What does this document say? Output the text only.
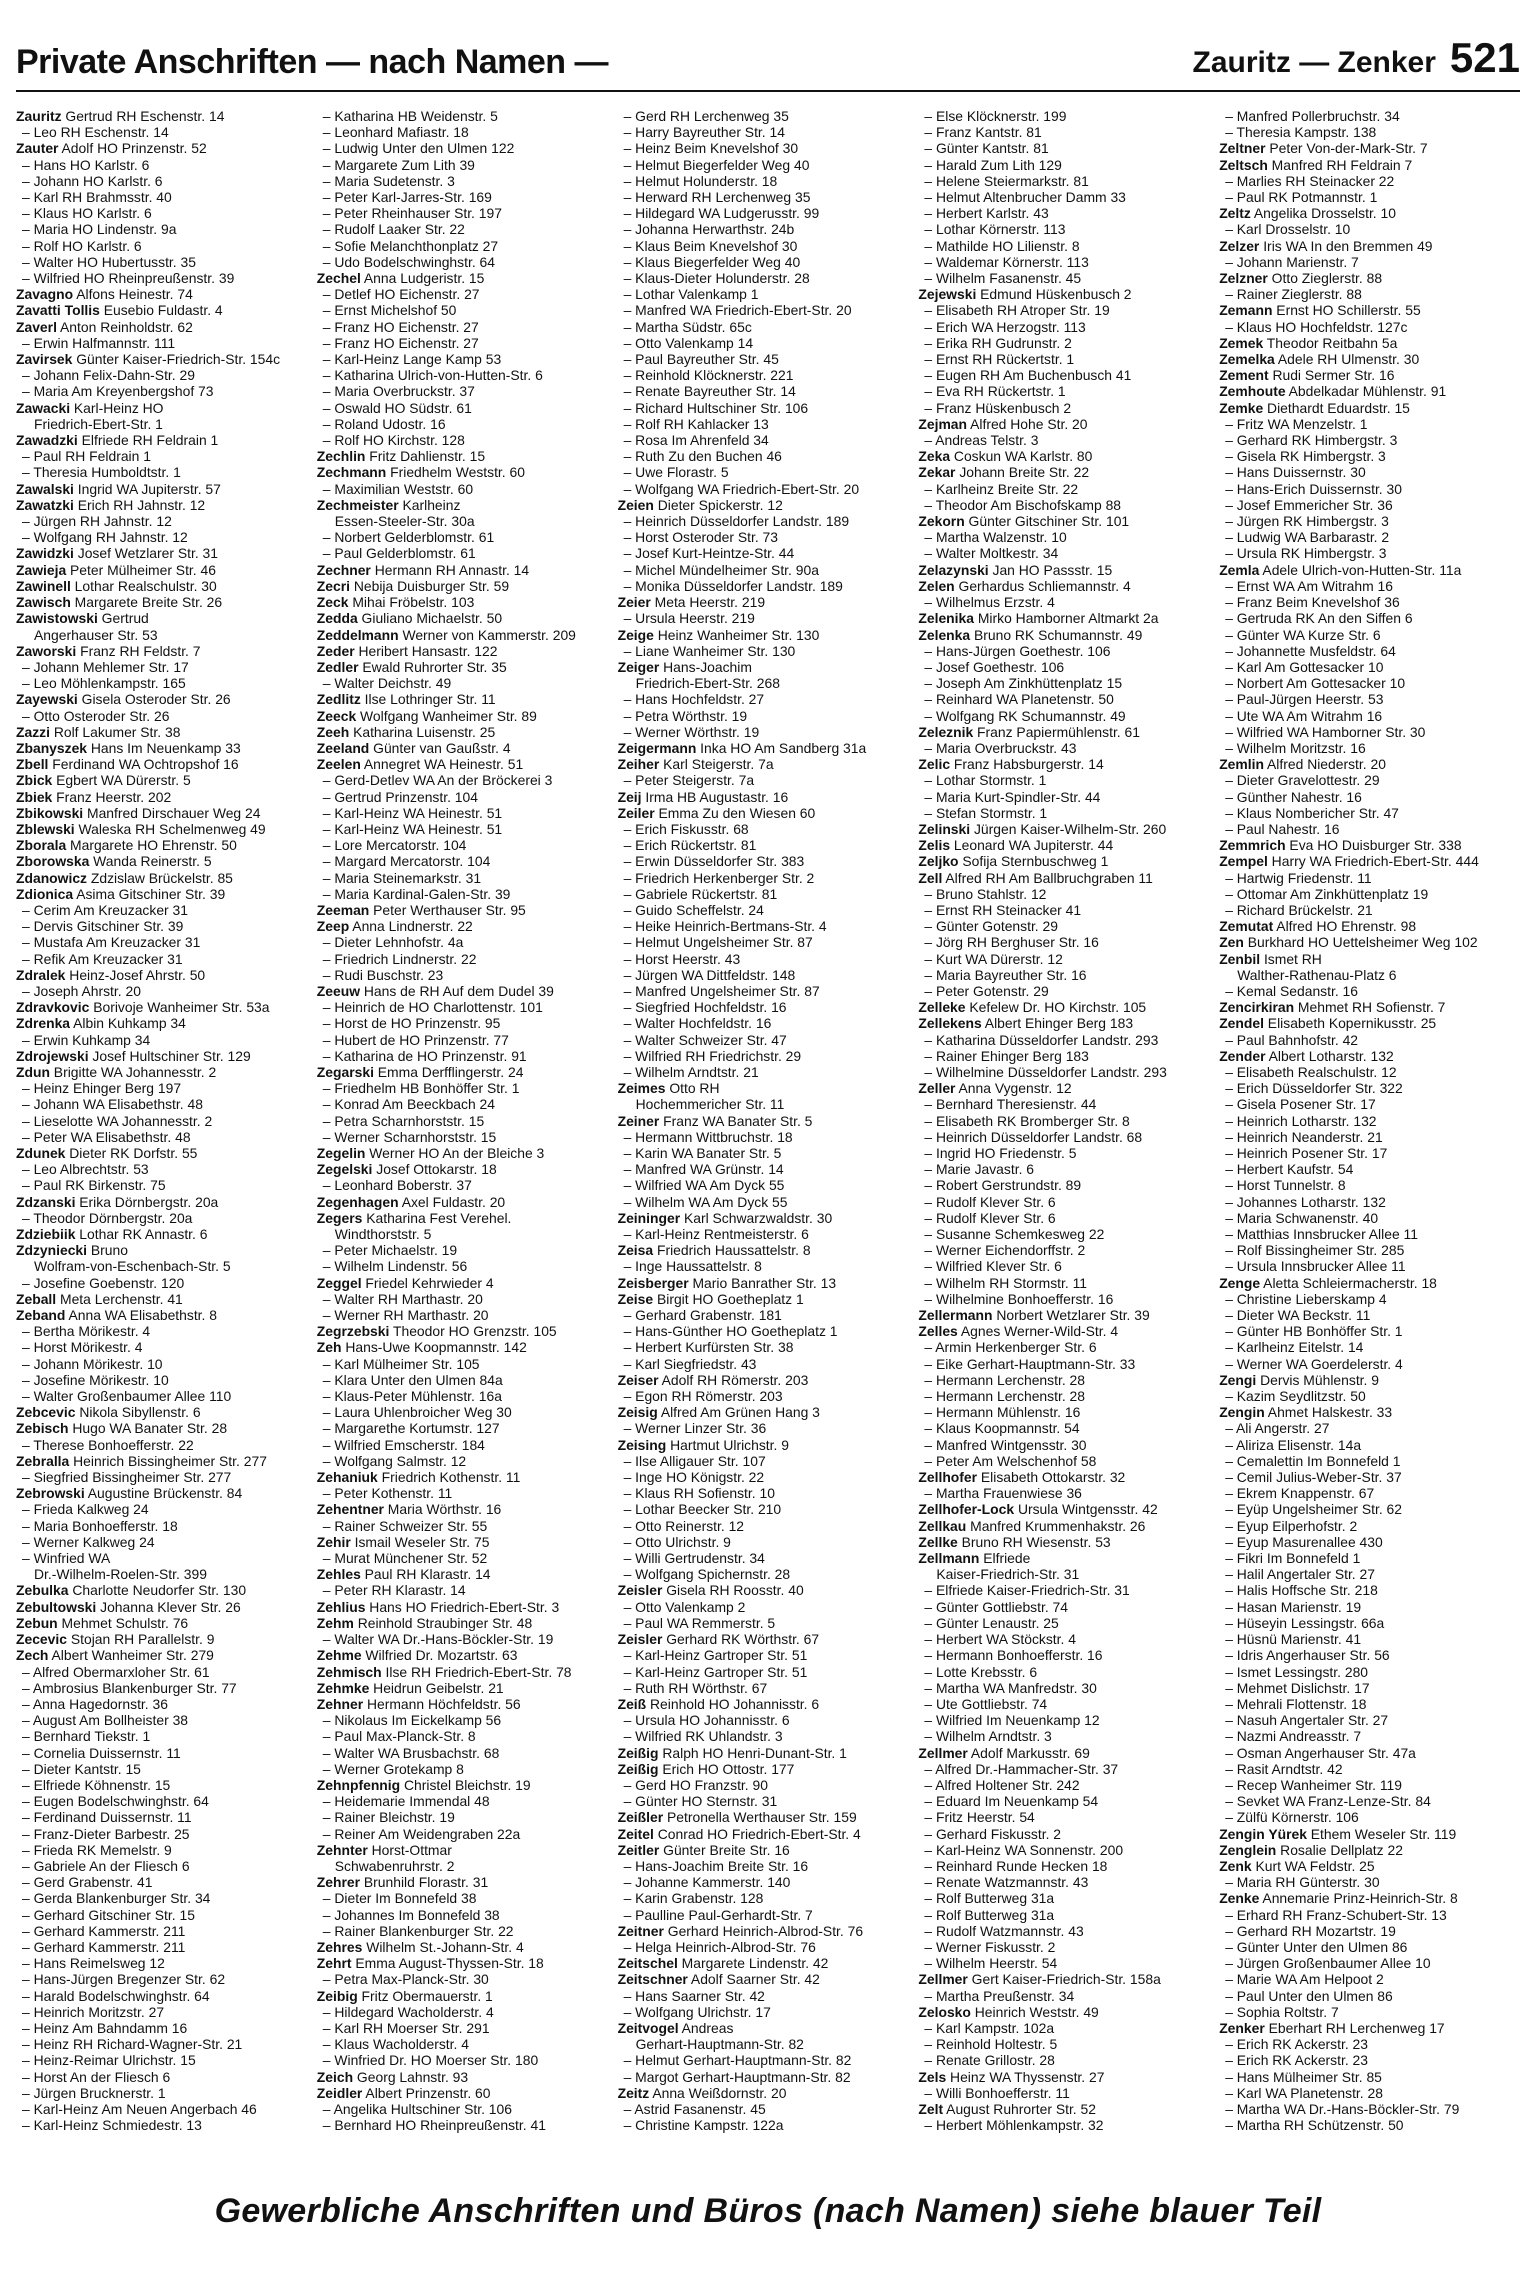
Private Anschriften — nach Namen —	Zauritz — Zenker 521
Zauritz Gertrud RH Eschenstr. 14
– Leo RH Eschenstr. 14
Zauter Adolf HO Prinzenstr. 52
– Hans HO Karlstr. 6
– Johann HO Karlstr. 6
– Karl RH Brahmsstr. 40
– Klaus HO Karlstr. 6
– Maria HO Lindenstr. 9a
– Rolf HO Karlstr. 6
– Walter HO Hubertusstr. 35
– Wilfried HO Rheinpreußenstr. 39
Zavagno Alfons Heinestr. 74
Zavatti Tollis Eusebio Fuldastr. 4
Zaverl Anton Reinholdstr. 62
– Erwin Halfmannstr. 111
Zavirsek Günter Kaiser-Friedrich-Str. 154c
– Johann Felix-Dahn-Str. 29
– Maria Am Kreyenbergshof 73
Zawacki Karl-Heinz HO
Friedrich-Ebert-Str. 1
Zawadzki Elfriede RH Feldrain 1
– Paul RH Feldrain 1
– Theresia Humboldtstr. 1
Zawalski Ingrid WA Jupiterstr. 57
Zawatzki Erich RH Jahnstr. 12
– Jürgen RH Jahnstr. 12
– Wolfgang RH Jahnstr. 12
Zawidzki Josef Wetzlarer Str. 31
Zawieja Peter Mülheimer Str. 46
Zawinell Lothar Realschulstr. 30
Zawisch Margarete Breite Str. 26
Zawistowski Gertrud
Angerhauser Str. 53
Zaworski Franz RH Feldstr. 7
– Johann Mehlemer Str. 17
– Leo Möhlenkampstr. 165
Zayewski Gisela Osteroder Str. 26
– Otto Osteroder Str. 26
Zazzi Rolf Lakumer Str. 38
Zbanyszek Hans Im Neuenkamp 33
Zbell Ferdinand WA Ochtropshof 16
Zbick Egbert WA Dürerstr. 5
Zbiek Franz Heerstr. 202
Zbikowski Manfred Dirschauer Weg 24
Zblewski Waleska RH Schelmenweg 49
Zborala Margarete HO Ehrenstr. 50
Zborowska Wanda Reinerstr. 5
Zdanowicz Zdzislaw Brückelstr. 85
Zdionica Asima Gitschiner Str. 39
– Cerim Am Kreuzacker 31
– Dervis Gitschiner Str. 39
– Mustafa Am Kreuzacker 31
– Refik Am Kreuzacker 31
Zdralek Heinz-Josef Ahrstr. 50
– Joseph Ahrstr. 20
Zdravkovic Borivoje Wanheimer Str. 53a
Zdrenka Albin Kuhkamp 34
– Erwin Kuhkamp 34
Zdrojewski Josef Hultschiner Str. 129
Zdun Brigitte WA Johannesstr. 2
– Heinz Ehinger Berg 197
– Johann WA Elisabethstr. 48
– Lieselotte WA Johannesstr. 2
– Peter WA Elisabethstr. 48
Zdunek Dieter RK Dorfstr. 55
– Leo Albrechtstr. 53
– Paul RK Birkenstr. 75
Zdzanski Erika Dörnbergstr. 20a
– Theodor Dörnbergstr. 20a
Zdziebiik Lothar RK Annastr. 6
Zdzyniecki Bruno
Wolfram-von-Eschenbach-Str. 5
– Josefine Goebenstr. 120
Zeball Meta Lerchenstr. 41
Zeband Anna WA Elisabethstr. 8
– Bertha Mörikestr. 4
– Horst Mörikestr. 4
– Johann Mörikestr. 10
– Josefine Mörikestr. 10
– Walter Großenbaumer Allee 110
Zebcevic Nikola Sibyllenstr. 6
Zebisch Hugo WA Banater Str. 28
– Therese Bonhoefferstr. 22
Zebralla Heinrich Bissingheimer Str. 277
– Siegfried Bissingheimer Str. 277
Zebrowski Augustine Brückenstr. 84
– Frieda Kalkweg 24
– Maria Bonhoefferstr. 18
– Werner Kalkweg 24
– Winfried WA
Dr.-Wilhelm-Roelen-Str. 399
Zebulka Charlotte Neudorfer Str. 130
Zebultowski Johanna Klever Str. 26
Zebun Mehmet Schulstr. 76
Zecevic Stojan RH Parallelstr. 9
Zech Albert Wanheimer Str. 279
– Alfred Obermarxloher Str. 61
– Ambrosius Blankenburger Str. 77
– Anna Hagedornstr. 36
– August Am Bollheister 38
– Bernhard Tiekstr. 1
– Cornelia Duissernstr. 11
– Dieter Kantstr. 15
– Elfriede Köhnenstr. 15
– Eugen Bodelschwinghstr. 64
– Ferdinand Duissernstr. 11
– Franz-Dieter Barbestr. 25
– Frieda RK Memelstr. 9
– Gabriele An der Fliesch 6
– Gerd Grabenstr. 41
– Gerda Blankenburger Str. 34
– Gerhard Gitschiner Str. 15
– Gerhard Kammerstr. 211
– Gerhard Kammerstr. 211
– Hans Reimelsweg 12
– Hans-Jürgen Bregenzer Str. 62
– Harald Bodelschwinghstr. 64
– Heinrich Moritzstr. 27
– Heinz Am Bahndamm 16
– Heinz RH Richard-Wagner-Str. 21
– Heinz-Reimar Ulrichstr. 15
– Horst An der Fliesch 6
– Jürgen Brucknerstr. 1
– Karl-Heinz Am Neuen Angerbach 46
– Karl-Heinz Schmiedestr. 13
– Katharina HB Weidenstr. 5
– Leonhard Mafiastr. 18
– Ludwig Unter den Ulmen 122
– Margarete Zum Lith 39
– Maria Sudetenstr. 3
– Peter Karl-Jarres-Str. 169
– Peter Rheinhauser Str. 197
– Rudolf Laaker Str. 22
– Sofie Melanchthonplatz 27
– Udo Bodelschwinghstr. 64
Zechel Anna Ludgeristr. 15
– Detlef HO Eichenstr. 27
– Ernst Michelshof 50
– Franz HO Eichenstr. 27
– Franz HO Eichenstr. 27
– Karl-Heinz Lange Kamp 53
– Katharina Ulrich-von-Hutten-Str. 6
– Maria Overbruckstr. 37
– Oswald HO Südstr. 61
– Roland Udostr. 16
– Rolf HO Kirchstr. 128
Zechlin Fritz Dahlienstr. 15
Zechmann Friedhelm Weststr. 60
– Maximilian Weststr. 60
Zechmeister Karlheinz
Essen-Steeler-Str. 30a
– Norbert Gelderblomstr. 61
– Paul Gelderblomstr. 61
Zechner Hermann RH Annastr. 14
Zecri Nebija Duisburger Str. 59
Zeck Mihai Fröbelstr. 103
Zedda Giuliano Michaelstr. 50
Zeddelmann Werner von Kammerstr. 209
Zeder Heribert Hansastr. 122
Zedler Ewald Ruhrorter Str. 35
– Walter Deichstr. 49
Zedlitz Ilse Lothringer Str. 11
Zeeck Wolfgang Wanheimer Str. 89
Zeeh Katharina Luisenstr. 25
Zeeland Günter van Gaußstr. 4
Zeelen Annegret WA Heinestr. 51
– Gerd-Detlev WA An der Bröckerei 3
– Gertrud Prinzenstr. 104
– Karl-Heinz WA Heinestr. 51
– Karl-Heinz WA Heinestr. 51
– Lore Mercatorstr. 104
– Margard Mercatorstr. 104
– Maria Steinemarkstr. 31
– Maria Kardinal-Galen-Str. 39
Zeeman Peter Werthauser Str. 95
Zeep Anna Lindnerstr. 22
– Dieter Lehnhofstr. 4a
– Friedrich Lindnerstr. 22
– Rudi Buschstr. 23
Zeeuw Hans de RH Auf dem Dudel 39
– Heinrich de HO Charlottenstr. 101
– Horst de HO Prinzenstr. 95
– Hubert de HO Prinzenstr. 77
– Katharina de HO Prinzenstr. 91
Zegarski Emma Derfflingerstr. 24
– Friedhelm HB Bonhöffer Str. 1
– Konrad Am Beeckbach 24
– Petra Scharnhorststr. 15
– Werner Scharnhorststr. 15
Zegelin Werner HO An der Bleiche 3
Zegelski Josef Ottokarstr. 18
– Leonhard Boberstr. 37
Zegenhagen Axel Fuldastr. 20
Zegers Katharina Fest Verehel.
Windthorststr. 5
– Peter Michaelstr. 19
– Wilhelm Lindenstr. 56
Zeggel Friedel Kehrwieder 4
– Walter RH Marthastr. 20
– Werner RH Marthastr. 20
Zegrzebski Theodor HO Grenzstr. 105
Zeh Hans-Uwe Koopmannstr. 142
– Karl Mülheimer Str. 105
– Klara Unter den Ulmen 84a
– Klaus-Peter Mühlenstr. 16a
– Laura Uhlenbroicher Weg 30
– Margarethe Kortumstr. 127
– Wilfried Emscherstr. 184
– Wolfgang Salmstr. 12
Zehaniuk Friedrich Kothenstr. 11
– Peter Kothenstr. 11
Zehentner Maria Wörthstr. 16
– Rainer Schweizer Str. 55
Zehir Ismail Weseler Str. 75
– Murat Münchener Str. 52
Zehles Paul RH Klarastr. 14
– Peter RH Klarastr. 14
Zehlius Hans HO Friedrich-Ebert-Str. 3
Zehm Reinhold Straubinger Str. 48
– Walter WA Dr.-Hans-Böckler-Str. 19
Zehme Wilfried Dr. Mozartstr. 63
Zehmisch Ilse RH Friedrich-Ebert-Str. 78
Zehmke Heidrun Geibelstr. 21
Zehner Hermann Höchfeldstr. 56
– Nikolaus Im Eickelkamp 56
– Paul Max-Planck-Str. 8
– Walter WA Brusbachstr. 68
– Werner Grotekamp 8
Zehnpfennig Christel Bleichstr. 19
– Heidemarie Immendal 48
– Rainer Bleichstr. 19
– Reiner Am Weidengraben 22a
Zehnter Horst-Ottmar
Schwabenruhrstr. 2
Zehrer Brunhild Florastr. 31
– Dieter Im Bonnefeld 38
– Johannes Im Bonnefeld 38
– Rainer Blankenburger Str. 22
Zehres Wilhelm St.-Johann-Str. 4
Zehrt Emma August-Thyssen-Str. 18
– Petra Max-Planck-Str. 30
Zeibig Fritz Obermauerstr. 1
– Hildegard Wacholderstr. 4
– Karl RH Moerser Str. 291
– Klaus Wacholderstr. 4
– Winfried Dr. HO Moerser Str. 180
Zeich Georg Lahnstr. 93
Zeidler Albert Prinzenstr. 60
– Angelika Hultschiner Str. 106
– Bernhard HO Rheinpreußenstr. 41
– Gerd RH Lerchenweg 35
– Harry Bayreuther Str. 14
– Heinz Beim Knevelshof 30
– Helmut Biegerfelder Weg 40
– Helmut Holunderstr. 18
– Herward RH Lerchenweg 35
– Hildegard WA Ludgerusstr. 99
– Johanna Herwarthstr. 24b
– Klaus Beim Knevelshof 30
– Klaus Biegerfelder Weg 40
– Klaus-Dieter Holunderstr. 28
– Lothar Valenkamp 1
– Manfred WA Friedrich-Ebert-Str. 20
– Martha Südstr. 65c
– Otto Valenkamp 14
– Paul Bayreuther Str. 45
– Reinhold Klöcknerstr. 221
– Renate Bayreuther Str. 14
– Richard Hultschiner Str. 106
– Rolf RH Kahlacker 13
– Rosa Im Ahrenfeld 34
– Ruth Zu den Buchen 46
– Uwe Florastr. 5
– Wolfgang WA Friedrich-Ebert-Str. 20
Zeien Dieter Spickerstr. 12
– Heinrich Düsseldorfer Landstr. 189
– Horst Osteroder Str. 73
– Josef Kurt-Heintze-Str. 44
– Michel Mündelheimer Str. 90a
– Monika Düsseldorfer Landstr. 189
Zeier Meta Heerstr. 219
– Ursula Heerstr. 219
Zeige Heinz Wanheimer Str. 130
– Liane Wanheimer Str. 130
Zeiger Hans-Joachim
Friedrich-Ebert-Str. 268
– Hans Hochfeldstr. 27
– Petra Wörthstr. 19
– Werner Wörthstr. 19
Zeigermann Inka HO Am Sandberg 31a
Zeiher Karl Steigerstr. 7a
– Peter Steigerstr. 7a
Zeij Irma HB Augustastr. 16
Zeiler Emma Zu den Wiesen 60
– Erich Fiskusstr. 68
– Erich Rückertstr. 81
– Erwin Düsseldorfer Str. 383
– Friedrich Herkenberger Str. 2
– Gabriele Rückertstr. 81
– Guido Scheffelstr. 24
– Heike Heinrich-Bertmans-Str. 4
– Helmut Ungelsheimer Str. 87
– Horst Heerstr. 43
– Jürgen WA Dittfeldstr. 148
– Manfred Ungelsheimer Str. 87
– Siegfried Hochfeldstr. 16
– Walter Hochfeldstr. 16
– Walter Schweizer Str. 47
– Wilfried RH Friedrichstr. 29
– Wilhelm Arndtstr. 21
Zeimes Otto RH
Hochemmericher Str. 11
Zeiner Franz WA Banater Str. 5
– Hermann Wittbruchstr. 18
– Karin WA Banater Str. 5
– Manfred WA Grünstr. 14
– Wilfried WA Am Dyck 55
– Wilhelm WA Am Dyck 55
Zeininger Karl Schwarzwaldstr. 30
– Karl-Heinz Rentmeisterstr. 6
Zeisa Friedrich Haussattelstr. 8
– Inge Haussattelstr. 8
Zeisberger Mario Banrather Str. 13
Zeise Birgit HO Goetheplatz 1
– Gerhard Grabenstr. 181
– Hans-Günther HO Goetheplatz 1
– Herbert Kurfürsten Str. 38
– Karl Siegfriedstr. 43
Zeiser Adolf RH Römerstr. 203
– Egon RH Römerstr. 203
Zeisig Alfred Am Grünen Hang 3
– Werner Linzer Str. 36
Zeising Hartmut Ulrichstr. 9
– Ilse Alligauer Str. 107
– Inge HO Königstr. 22
– Klaus RH Sofienstr. 10
– Lothar Beecker Str. 210
– Otto Reinerstr. 12
– Otto Ulrichstr. 9
– Willi Gertrudenstr. 34
– Wolfgang Spichernstr. 28
Zeisler Gisela RH Roosstr. 40
– Otto Valenkamp 2
– Paul WA Remmerstr. 5
Zeisler Gerhard RK Wörthstr. 67
– Karl-Heinz Gartroper Str. 51
– Karl-Heinz Gartroper Str. 51
– Ruth RH Wörthstr. 67
Zeiß Reinhold HO Johannisstr. 6
– Ursula HO Johannisstr. 6
– Wilfried RK Uhlandstr. 3
Zeißig Ralph HO Henri-Dunant-Str. 1
Zeißig Erich HO Ottostr. 177
– Gerd HO Franzstr. 90
– Günter HO Sternstr. 31
Zeißler Petronella Werthauser Str. 159
Zeitel Conrad HO Friedrich-Ebert-Str. 4
Zeitler Günter Breite Str. 16
– Hans-Joachim Breite Str. 16
– Johanne Kammerstr. 140
– Karin Grabenstr. 128
– Paulline Paul-Gerhardt-Str. 7
Zeitner Gerhard Heinrich-Albrod-Str. 76
– Helga Heinrich-Albrod-Str. 76
Zeitschel Margarete Lindenstr. 42
Zeitschner Adolf Saarner Str. 42
– Hans Saarner Str. 42
– Wolfgang Ulrichstr. 17
Zeitvogel Andreas
Gerhart-Hauptmann-Str. 82
– Helmut Gerhart-Hauptmann-Str. 82
– Margot Gerhart-Hauptmann-Str. 82
Zeitz Anna Weißdornstr. 20
– Astrid Fasanenstr. 45
– Christine Kampstr. 122a
– Else Klöcknerstr. 199
– Franz Kantstr. 81
– Günter Kantstr. 81
– Harald Zum Lith 129
– Helene Steiermarkstr. 81
– Helmut Altenbrucher Damm 33
– Herbert Karlstr. 43
– Lothar Körnerstr. 113
– Mathilde HO Lilienstr. 8
– Waldemar Körnerstr. 113
– Wilhelm Fasanenstr. 45
Zejewski Edmund Hüskenbusch 2
– Elisabeth RH Atroper Str. 19
– Erich WA Herzogstr. 113
– Erika RH Gudrunstr. 2
– Ernst RH Rückertstr. 1
– Eugen RH Am Buchenbusch 41
– Eva RH Rückertstr. 1
– Franz Hüskenbusch 2
Zejman Alfred Hohe Str. 20
– Andreas Telstr. 3
Zeka Coskun WA Karlstr. 80
Zekar Johann Breite Str. 22
– Karlheinz Breite Str. 22
– Theodor Am Bischofskamp 88
Zekorn Günter Gitschiner Str. 101
– Martha Walzenstr. 10
– Walter Moltkestr. 34
Zelazynski Jan HO Passstr. 15
Zelen Gerhardus Schliemannstr. 4
– Wilhelmus Erzstr. 4
Zelenika Mirko Hamborner Altmarkt 2a
Zelenka Bruno RK Schumannstr. 49
– Hans-Jürgen Goethestr. 106
– Josef Goethestr. 106
– Joseph Am Zinkhüttenplatz 15
– Reinhard WA Planetenstr. 50
– Wolfgang RK Schumannstr. 49
Zeleznik Franz Papiermühlenstr. 61
– Maria Overbruckstr. 43
Zelic Franz Habsburgerstr. 14
– Lothar Stormstr. 1
– Maria Kurt-Spindler-Str. 44
– Stefan Stormstr. 1
Zelinski Jürgen Kaiser-Wilhelm-Str. 260
Zelis Leonard WA Jupiterstr. 44
Zeljko Sofija Sternbuschweg 1
Zell Alfred RH Am Ballbruchgraben 11
– Bruno Stahlstr. 12
– Ernst RH Steinacker 41
– Günter Gotenstr. 29
– Jörg RH Berghuser Str. 16
– Kurt WA Dürerstr. 12
– Maria Bayreuther Str. 16
– Peter Gotenstr. 29
Zelleke Kefelew Dr. HO Kirchstr. 105
Zellekens Albert Ehinger Berg 183
– Katharina Düsseldorfer Landstr. 293
– Rainer Ehinger Berg 183
– Wilhelmine Düsseldorfer Landstr. 293
Zeller Anna Vygenstr. 12
– Bernhard Theresienstr. 44
– Elisabeth RK Bromberger Str. 8
– Heinrich Düsseldorfer Landstr. 68
– Ingrid HO Friedenstr. 5
– Marie Javastr. 6
– Robert Gerstrundstr. 89
– Rudolf Klever Str. 6
– Rudolf Klever Str. 6
– Susanne Schemkesweg 22
– Werner Eichendorffstr. 2
– Wilfried Klever Str. 6
– Wilhelm RH Stormstr. 11
– Wilhelmine Bonhoefferstr. 16
Zellermann Norbert Wetzlarer Str. 39
Zelles Agnes Werner-Wild-Str. 4
– Armin Herkenberger Str. 6
– Eike Gerhart-Hauptmann-Str. 33
– Hermann Lerchenstr. 28
– Hermann Lerchenstr. 28
– Hermann Mühlenstr. 16
– Klaus Koopmannstr. 54
– Manfred Wintgensstr. 30
– Peter Am Welschenhof 58
Zellhofer Elisabeth Ottokarstr. 32
– Martha Frauenwiese 36
Zellhofer-Lock Ursula Wintgensstr. 42
Zellkau Manfred Krummenhakstr. 26
Zellke Bruno RH Wiesenstr. 53
Zellmann Elfriede
Kaiser-Friedrich-Str. 31
– Elfriede Kaiser-Friedrich-Str. 31
– Günter Gottliebstr. 74
– Günter Lenaustr. 25
– Herbert WA Stöckstr. 4
– Hermann Bonhoefferstr. 16
– Lotte Krebsstr. 6
– Martha WA Manfredstr. 30
– Ute Gottliebstr. 74
– Wilfried Im Neuenkamp 12
– Wilhelm Arndtstr. 3
Zellmer Adolf Markusstr. 69
– Alfred Dr.-Hammacher-Str. 37
– Alfred Holtener Str. 242
– Eduard Im Neuenkamp 54
– Fritz Heerstr. 54
– Gerhard Fiskusstr. 2
– Karl-Heinz WA Sonnenstr. 200
– Reinhard Runde Hecken 18
– Renate Watzmannstr. 43
– Rolf Butterweg 31a
– Rolf Butterweg 31a
– Rudolf Watzmannstr. 43
– Werner Fiskusstr. 2
– Wilhelm Heerstr. 54
Zellmer Gert Kaiser-Friedrich-Str. 158a
– Martha Preußenstr. 34
Zelosko Heinrich Weststr. 49
– Karl Kampstr. 102a
– Reinhold Holtestr. 5
– Renate Grillostr. 28
Zels Heinz WA Thyssenstr. 27
– Willi Bonhoefferstr. 11
Zelt August Ruhrorter Str. 52
– Herbert Möhlenkampstr. 32
– Manfred Pollerbruchstr. 34
– Theresia Kampstr. 138
Zeltner Peter Von-der-Mark-Str. 7
Zeltsch Manfred RH Feldrain 7
– Marlies RH Steinacker 22
– Paul RK Potmannstr. 1
Zeltz Angelika Drosselstr. 10
– Karl Drosselstr. 10
Zelzer Iris WA In den Bremmen 49
– Johann Marienstr. 7
Zelzner Otto Zieglerstr. 88
– Rainer Zieglerstr. 88
Zemann Ernst HO Schillerstr. 55
– Klaus HO Hochfeldstr. 127c
Zemek Theodor Reitbahn 5a
Zemelka Adele RH Ulmenstr. 30
Zement Rudi Sermer Str. 16
Zemhoute Abdelkadar Mühlenstr. 91
Zemke Diethardt Eduardstr. 15
– Fritz WA Menzelstr. 1
– Gerhard RK Himbergstr. 3
– Gisela RK Himbergstr. 3
– Hans Duissernstr. 30
– Hans-Erich Duissernstr. 30
– Josef Emmericher Str. 36
– Jürgen RK Himbergstr. 3
– Ludwig WA Barbarastr. 2
– Ursula RK Himbergstr. 3
Zemla Adele Ulrich-von-Hutten-Str. 11a
– Ernst WA Am Witrahm 16
– Franz Beim Knevelshof 36
– Gertruda RK An den Siffen 6
– Günter WA Kurze Str. 6
– Johannette Musfeldstr. 64
– Karl Am Gottesacker 10
– Norbert Am Gottesacker 10
– Paul-Jürgen Heerstr. 53
– Ute WA Am Witrahm 16
– Wilfried WA Hamborner Str. 30
– Wilhelm Moritzstr. 16
Zemlin Alfred Niederstr. 20
– Dieter Gravelottestr. 29
– Günther Nahestr. 16
– Klaus Nombericher Str. 47
– Paul Nahestr. 16
Zemmrich Eva HO Duisburger Str. 338
Zempel Harry WA Friedrich-Ebert-Str. 444
– Hartwig Friedenstr. 11
– Ottomar Am Zinkhüttenplatz 19
– Richard Brückelstr. 21
Zemutat Alfred HO Ehrenstr. 98
Zen Burkhard HO Uettelsheimer Weg 102
Zenbil Ismet RH
Walther-Rathenau-Platz 6
– Kemal Sedanstr. 16
Zencirkiran Mehmet RH Sofienstr. 7
Zendel Elisabeth Kopernikusstr. 25
– Paul Bahnhofstr. 42
Zender Albert Lotharstr. 132
– Elisabeth Realschulstr. 12
– Erich Düsseldorfer Str. 322
– Gisela Posener Str. 17
– Heinrich Lotharstr. 132
– Heinrich Neanderstr. 21
– Heinrich Posener Str. 17
– Herbert Kaufstr. 54
– Horst Tunnelstr. 8
– Johannes Lotharstr. 132
– Maria Schwanenstr. 40
– Matthias Innsbrucker Allee 11
– Rolf Bissingheimer Str. 285
– Ursula Innsbrucker Allee 11
Zenge Aletta Schleiermacherstr. 18
– Christine Lieberskamp 4
– Dieter WA Beckstr. 11
– Günter HB Bonhöffer Str. 1
– Karlheinz Eitelstr. 14
– Werner WA Goerdelerstr. 4
Zengi Dervis Mühlenstr. 9
– Kazim Seydlitzstr. 50
Zengin Ahmet Halskestr. 33
– Ali Angerstr. 27
– Aliriza Elisenstr. 14a
– Cemalettin Im Bonnefeld 1
– Cemil Julius-Weber-Str. 37
– Ekrem Knappenstr. 67
– Eyüp Ungelsheimer Str. 62
– Eyup Eilperhofstr. 2
– Eyup Masurenallee 430
– Fikri Im Bonnefeld 1
– Halil Angertaler Str. 27
– Halis Hoffsche Str. 218
– Hasan Marienstr. 19
– Hüseyin Lessingstr. 66a
– Hüsnü Marienstr. 41
– Idris Angerhauser Str. 56
– Ismet Lessingstr. 280
– Mehmet Dislichstr. 17
– Mehrali Flottenstr. 18
– Nasuh Angertaler Str. 27
– Nazmi Andreasstr. 7
– Osman Angerhauser Str. 47a
– Rasit Arndtstr. 42
– Recep Wanheimer Str. 119
– Sevket WA Franz-Lenze-Str. 84
– Zülfü Körnerstr. 106
Zengin Yürek Ethem Weseler Str. 119
Zenglein Rosalie Dellplatz 22
Zenk Kurt WA Feldstr. 25
– Maria RH Günterstr. 30
Zenke Annemarie Prinz-Heinrich-Str. 8
– Erhard RH Franz-Schubert-Str. 13
– Gerhard RH Mozartstr. 19
– Günter Unter den Ulmen 86
– Jürgen Großenbaumer Allee 10
– Marie WA Am Helpoot 2
– Paul Unter den Ulmen 86
– Sophia Roltstr. 7
Zenker Eberhart RH Lerchenweg 17
– Erich RK Ackerstr. 23
– Erich RK Ackerstr. 23
– Hans Mülheimer Str. 85
– Karl WA Planetenstr. 28
– Martha WA Dr.-Hans-Böckler-Str. 79
– Martha RH Schützenstr. 50
Gewerbliche Anschriften und Büros (nach Namen) siehe blauer Teil
